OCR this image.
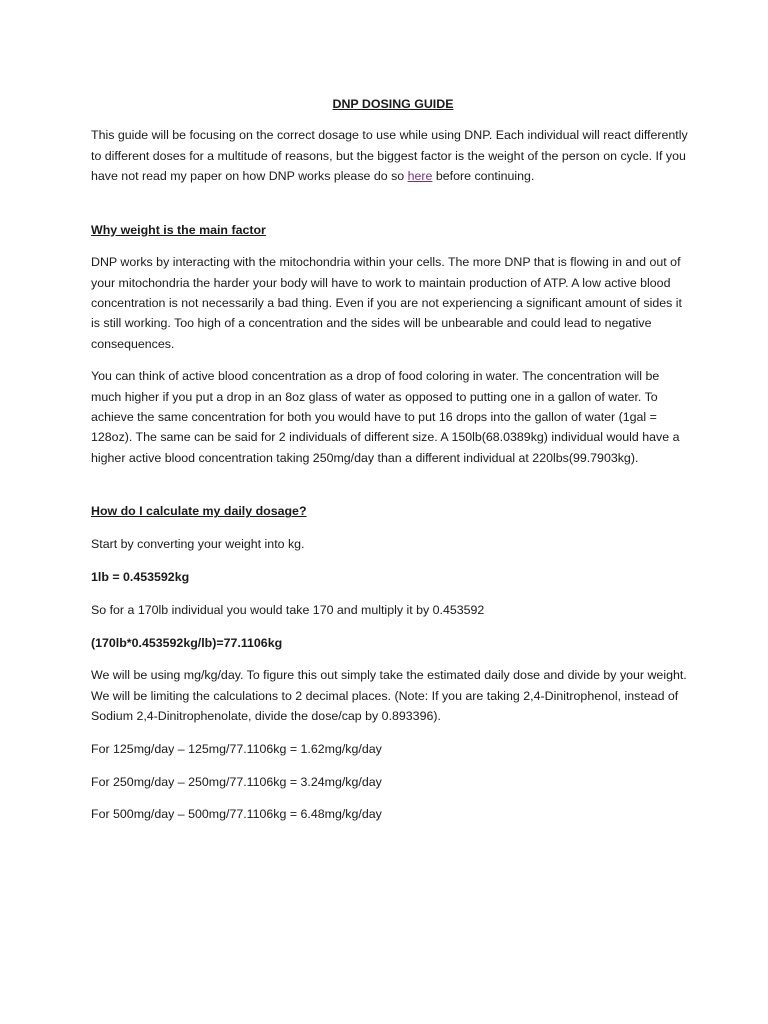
DNP DOSING GUIDE

This guide will be focusing on the correct dosage to use while using DNP. Each individual will react differently to different doses for a multitude of reasons, but the biggest factor is the weight of the person on cycle. If you have not read my paper on how DNP works please do so here before continuing.

Why weight is the main factor

DNP works by interacting with the mitochondria within your cells. The more DNP that is flowing in and out of your mitochondria the harder your body will have to work to maintain production of ATP. A low active blood concentration is not necessarily a bad thing. Even if you are not experiencing a significant amount of sides it is still working. Too high of a concentration and the sides will be unbearable and could lead to negative consequences.

You can think of active blood concentration as a drop of food coloring in water. The concentration will be much higher if you put a drop in an 8oz glass of water as opposed to putting one in a gallon of water. To achieve the same concentration for both you would have to put 16 drops into the gallon of water (1gal = 128oz). The same can be said for 2 individuals of different size. A 150lb(68.0389kg) individual would have a higher active blood concentration taking 250mg/day than a different individual at 220lbs(99.7903kg).

How do I calculate my daily dosage?

Start by converting your weight into kg.

1lb = 0.453592kg

So for a 170lb individual you would take 170 and multiply it by 0.453592

(170lb*0.453592kg/lb)=77.1106kg

We will be using mg/kg/day. To figure this out simply take the estimated daily dose and divide by your weight. We will be limiting the calculations to 2 decimal places. (Note: If you are taking 2,4-Dinitrophenol, instead of Sodium 2,4-Dinitrophenolate, divide the dose/cap by 0.893396).

For 125mg/day – 125mg/77.1106kg = 1.62mg/kg/day

For 250mg/day – 250mg/77.1106kg = 3.24mg/kg/day

For 500mg/day – 500mg/77.1106kg = 6.48mg/kg/day
